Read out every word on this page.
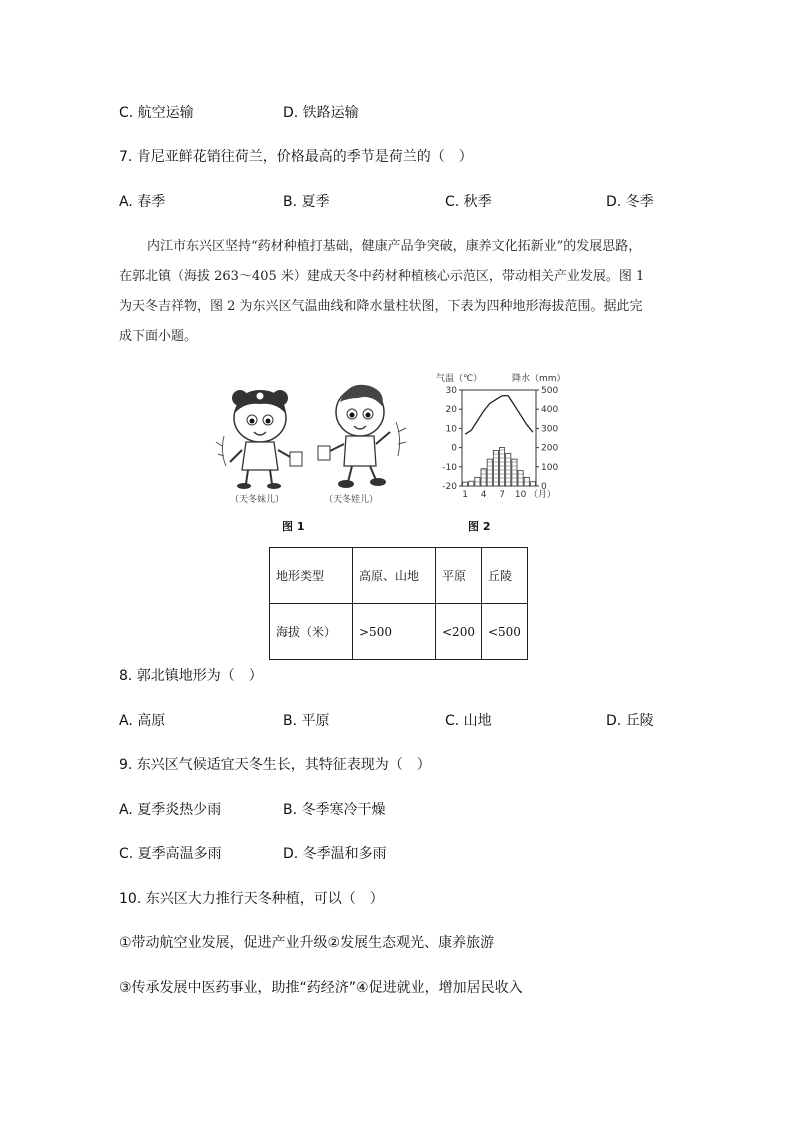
C. 航空运输	D. 铁路运输
7. 肯尼亚鲜花销往荷兰，价格最高的季节是荷兰的（　）
A. 春季	B. 夏季	C. 秋季	D. 冬季

内江市东兴区坚持“药材种植打基础，健康产品争突破，康养文化拓新业”的发展思路，

在郭北镇（海拔 263～405 米）建成天冬中药材种植核心示范区，带动相关产业发展。图 1

为天冬吉祥物，图 2 为东兴区气温曲线和降水量柱状图，下表为四种地形海拔范围。据此完

成下面小题。

（天冬妹儿）	（天冬娃儿）
图 1
气温（℃）	降水（mm）
-20
-10
0
10
20
30
0
100
200
300
400
500
1 4 7 10 （月）
图 2
地形类型	高原、山地	平原	丘陵
海拔（米）	>500	<200	<500
8. 郭北镇地形为（　）
A. 高原	B. 平原	C. 山地	D. 丘陵
9. 东兴区气候适宜天冬生长，其特征表现为（　）
A. 夏季炎热少雨	B. 冬季寒冷干燥
C. 夏季高温多雨	D. 冬季温和多雨
10. 东兴区大力推行天冬种植，可以（　）
①带动航空业发展，促进产业升级②发展生态观光、康养旅游
③传承发展中医药事业，助推“药经济”④促进就业，增加居民收入
